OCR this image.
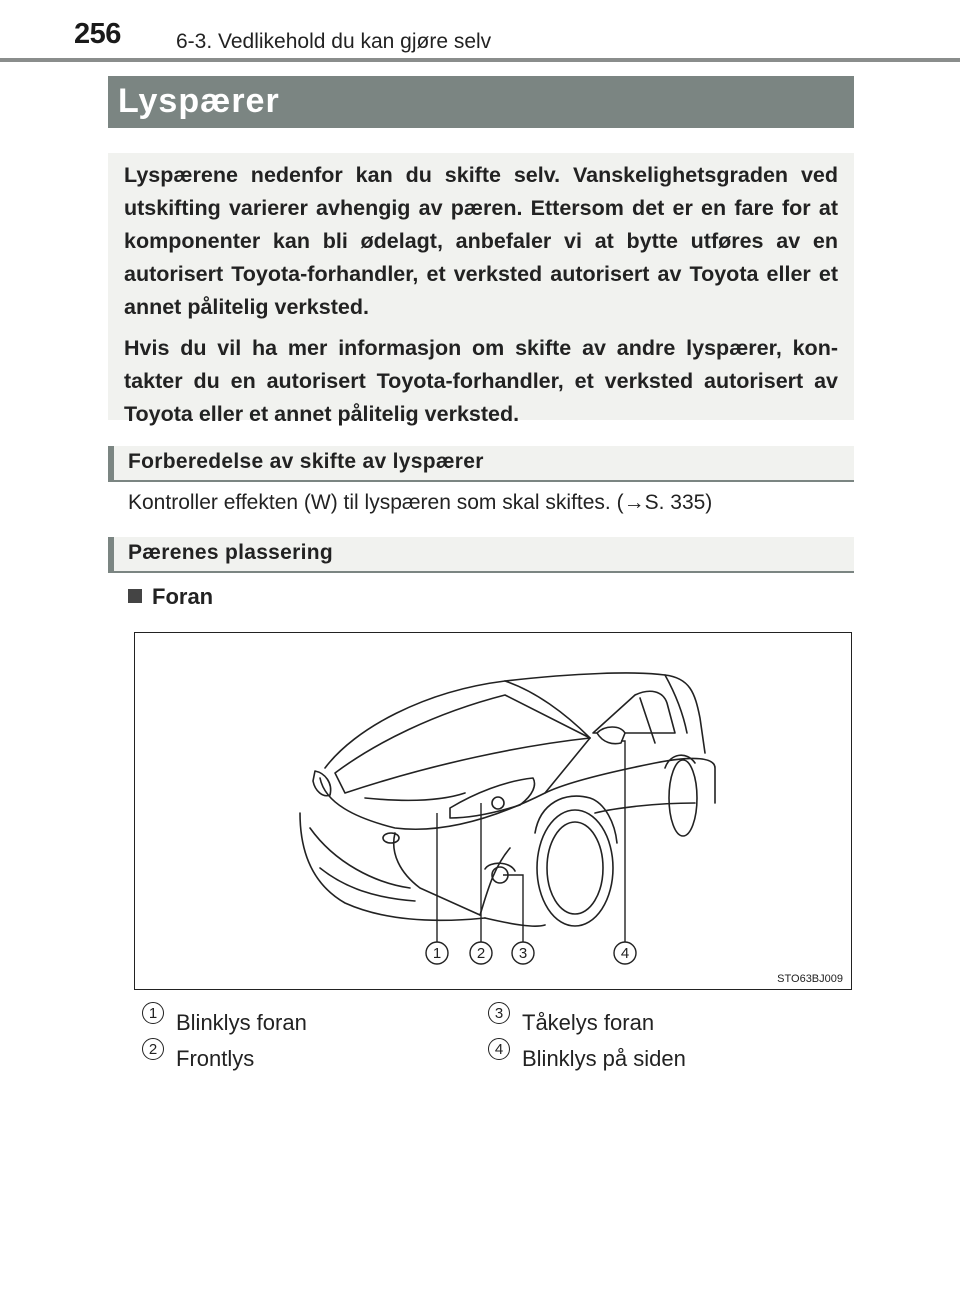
256	6-3. Vedlikehold du kan gjøre selv
Lyspærer

Lyspærene nedenfor kan du skifte selv. Vanskelighetsgraden ved utskifting varierer avhengig av pæren. Ettersom det er en fare for at komponenter kan bli ødelagt, anbefaler vi at bytte utføres av en autorisert Toyota-forhandler, et verksted autorisert av Toyota eller et annet pålitelig verksted.

Hvis du vil ha mer informasjon om skifte av andre lyspærer, kon-takter du en autorisert Toyota-forhandler, et verksted autorisert av Toyota eller et annet pålitelig verksted.

Forberedelse av skifte av lyspærer
Kontroller effekten (W) til lyspæren som skal skiftes. (→S. 335)
Pærenes plassering
Foran
1 2 3	4
STO63BJ009
1 Blinklys foran
2 Frontlys
3 Tåkelys foran
4 Blinklys på siden
